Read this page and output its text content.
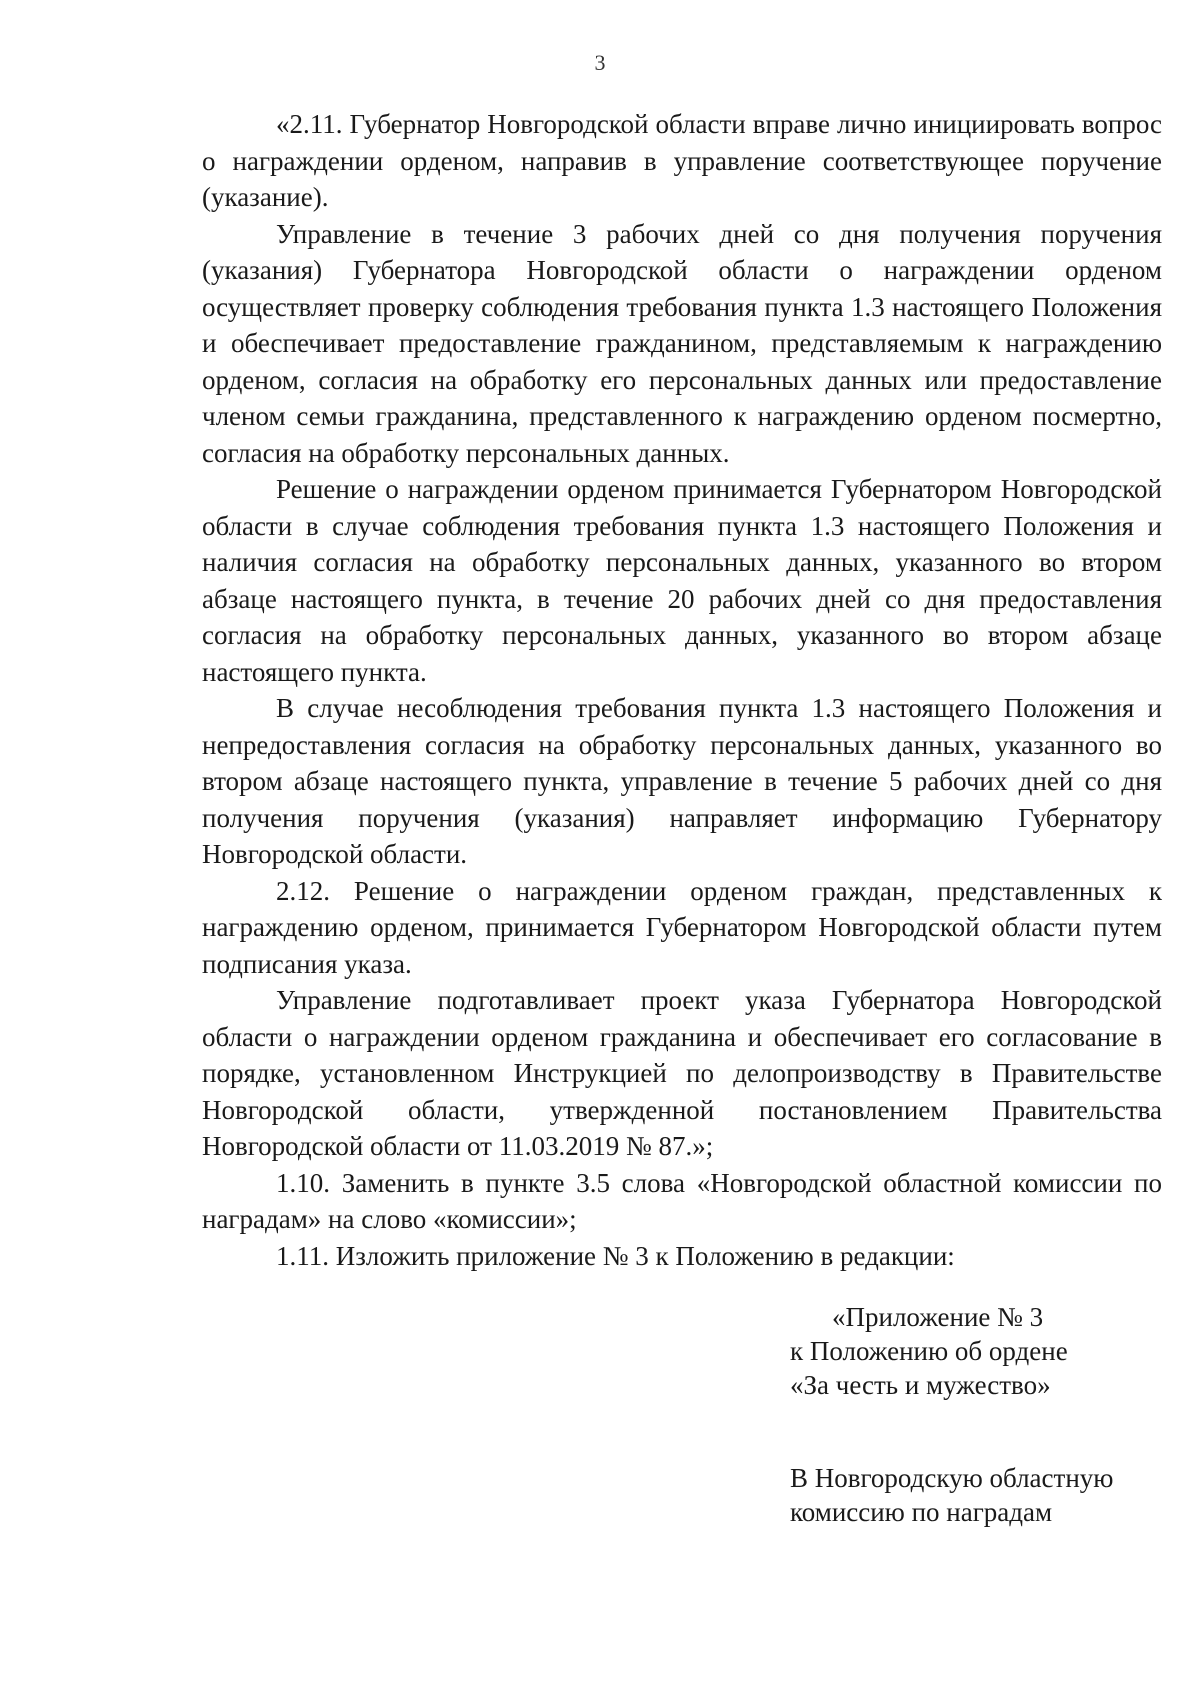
3

«2.11. Губернатор Новгородской области вправе лично инициировать вопрос о награждении орденом, направив в управление соответствующее поручение (указание).

Управление в течение 3 рабочих дней со дня получения поручения (указания) Губернатора Новгородской области о награждении орденом осуществляет проверку соблюдения требования пункта 1.3 настоящего Положения и обеспечивает предоставление гражданином, представляемым к награждению орденом, согласия на обработку его персональных данных или предоставление членом семьи гражданина, представленного к награждению орденом посмертно, согласия на обработку персональных данных.

Решение о награждении орденом принимается Губернатором Новгородской области в случае соблюдения требования пункта 1.3 настоящего Положения и наличия согласия на обработку персональных данных, указанного во втором абзаце настоящего пункта, в течение 20 рабочих дней со дня предоставления согласия на обработку персональных данных, указанного во втором абзаце настоящего пункта.

В случае несоблюдения требования пункта 1.3 настоящего Положения и непредоставления согласия на обработку персональных данных, указанного во втором абзаце настоящего пункта, управление в течение 5 рабочих дней со дня получения поручения (указания) направляет информацию Губернатору Новгородской области.

2.12. Решение о награждении орденом граждан, представленных к награждению орденом, принимается Губернатором Новгородской области путем подписания указа.

Управление подготавливает проект указа Губернатора Новгородской области о награждении орденом гражданина и обеспечивает его согласование в порядке, установленном Инструкцией по делопроизводству в Правительстве Новгородской области, утвержденной постановлением Правительства Новгородской области от 11.03.2019 № 87.»;

1.10. Заменить в пункте 3.5 слова «Новгородской областной комиссии по наградам» на слово «комиссии»;

1.11. Изложить приложение № 3 к Положению в редакции:

«Приложение № 3
к Положению об ордене
«За честь и мужество»
В Новгородскую областную
комиссию по наградам
